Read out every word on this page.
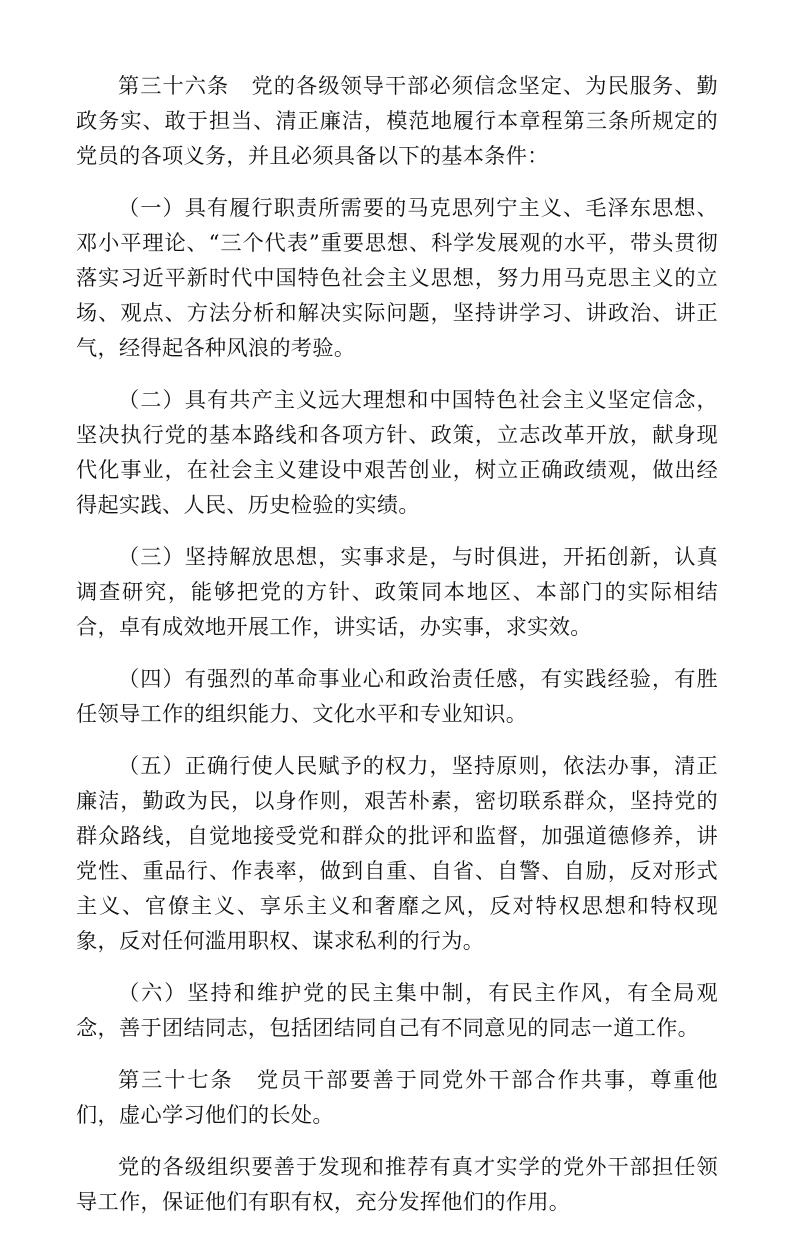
第三十六条　党的各级领导干部必须信念坚定、为民服务、勤政务实、敢于担当、清正廉洁，模范地履行本章程第三条所规定的党员的各项义务，并且必须具备以下的基本条件：

（一）具有履行职责所需要的马克思列宁主义、毛泽东思想、邓小平理论、“三个代表”重要思想、科学发展观的水平，带头贯彻落实习近平新时代中国特色社会主义思想，努力用马克思主义的立场、观点、方法分析和解决实际问题，坚持讲学习、讲政治、讲正气，经得起各种风浪的考验。

（二）具有共产主义远大理想和中国特色社会主义坚定信念，坚决执行党的基本路线和各项方针、政策，立志改革开放，献身现代化事业，在社会主义建设中艰苦创业，树立正确政绩观，做出经得起实践、人民、历史检验的实绩。

（三）坚持解放思想，实事求是，与时俱进，开拓创新，认真调查研究，能够把党的方针、政策同本地区、本部门的实际相结合，卓有成效地开展工作，讲实话，办实事，求实效。

（四）有强烈的革命事业心和政治责任感，有实践经验，有胜任领导工作的组织能力、文化水平和专业知识。

（五）正确行使人民赋予的权力，坚持原则，依法办事，清正廉洁，勤政为民，以身作则，艰苦朴素，密切联系群众，坚持党的群众路线，自觉地接受党和群众的批评和监督，加强道德修养，讲党性、重品行、作表率，做到自重、自省、自警、自励，反对形式主义、官僚主义、享乐主义和奢靡之风，反对特权思想和特权现象，反对任何滥用职权、谋求私利的行为。

（六）坚持和维护党的民主集中制，有民主作风，有全局观念，善于团结同志，包括团结同自己有不同意见的同志一道工作。

第三十七条　党员干部要善于同党外干部合作共事，尊重他们，虚心学习他们的长处。

党的各级组织要善于发现和推荐有真才实学的党外干部担任领导工作，保证他们有职有权，充分发挥他们的作用。
